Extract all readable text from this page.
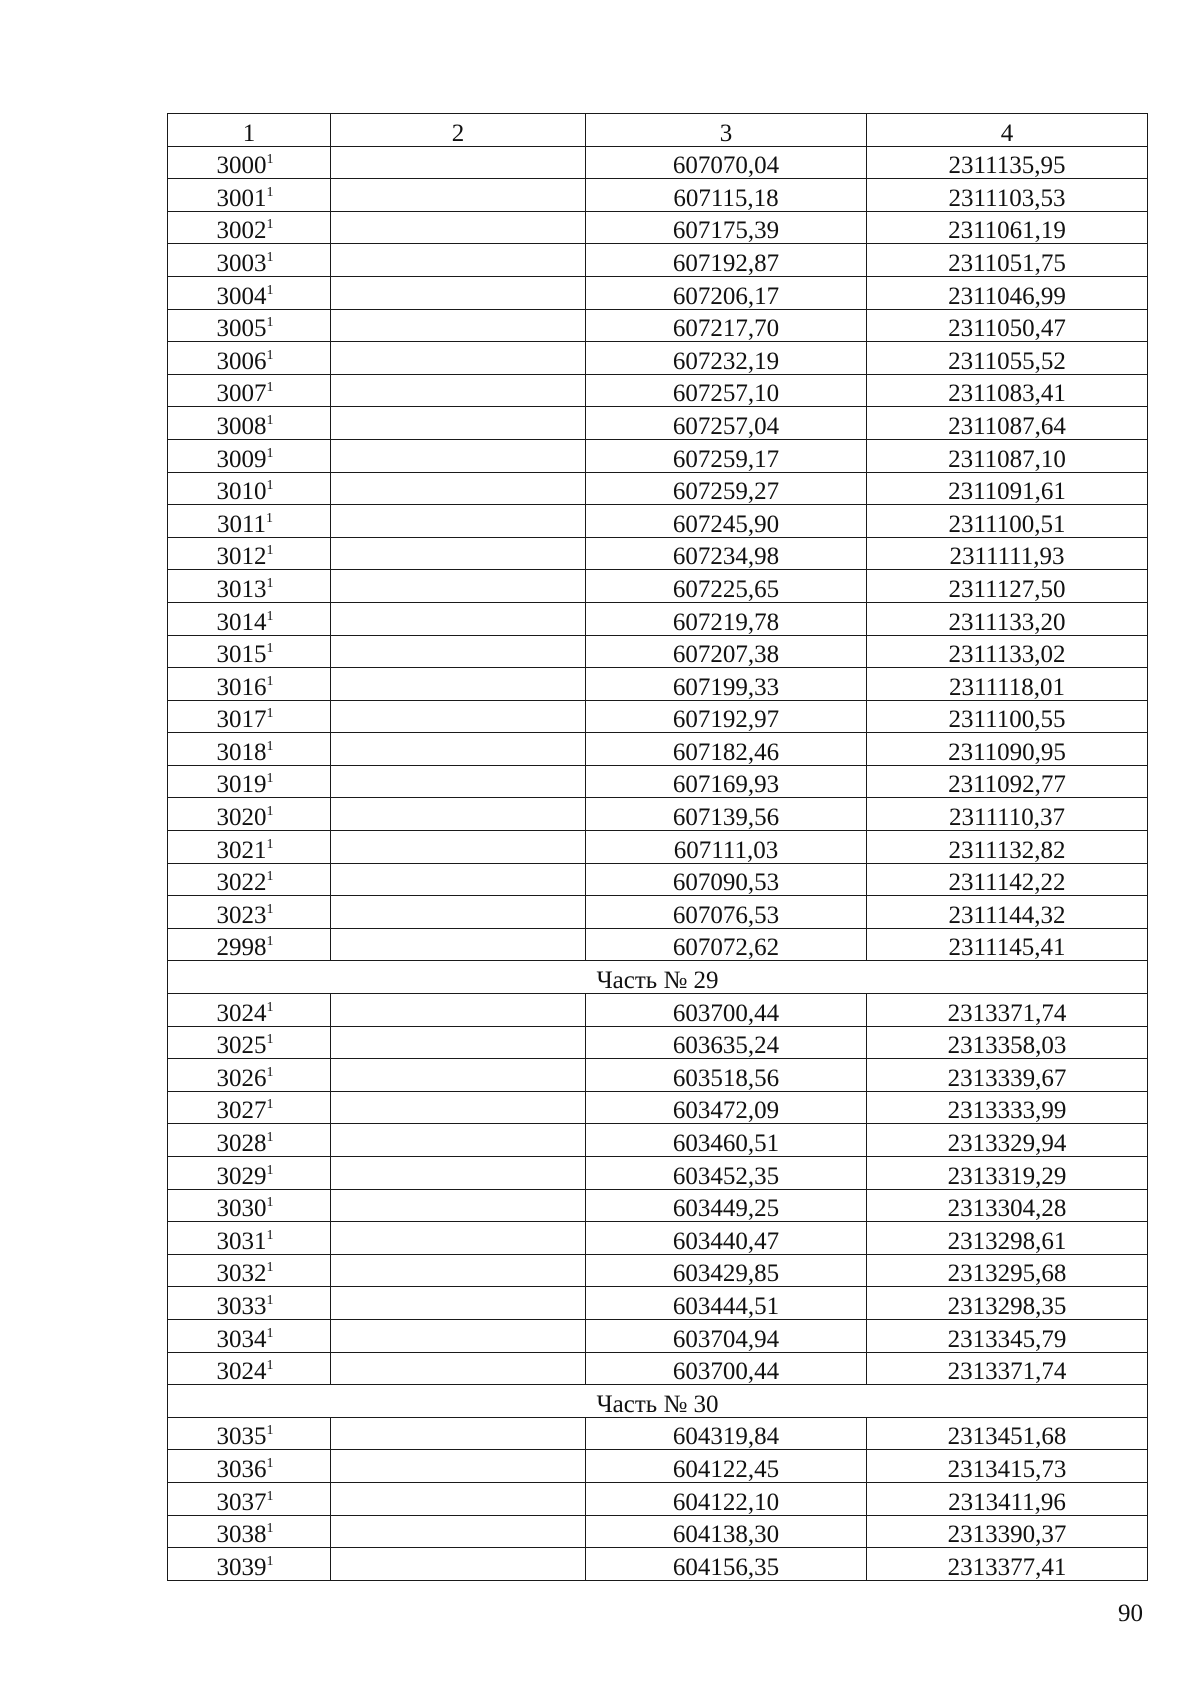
1	2	3	4
3000$^1$		607070,04	2311135,95
3001$^1$		607115,18	2311103,53
3002$^1$		607175,39	2311061,19
3003$^1$		607192,87	2311051,75
3004$^1$		607206,17	2311046,99
3005$^1$		607217,70	2311050,47
3006$^1$		607232,19	2311055,52
3007$^1$		607257,10	2311083,41
3008$^1$		607257,04	2311087,64
3009$^1$		607259,17	2311087,10
3010$^1$		607259,27	2311091,61
3011$^1$		607245,90	2311100,51
3012$^1$		607234,98	2311111,93
3013$^1$		607225,65	2311127,50
3014$^1$		607219,78	2311133,20
3015$^1$		607207,38	2311133,02
3016$^1$		607199,33	2311118,01
3017$^1$		607192,97	2311100,55
3018$^1$		607182,46	2311090,95
3019$^1$		607169,93	2311092,77
3020$^1$		607139,56	2311110,37
3021$^1$		607111,03	2311132,82
3022$^1$		607090,53	2311142,22
3023$^1$		607076,53	2311144,32
2998$^1$		607072,62	2311145,41
Часть № 29			
3024$^1$		603700,44	2313371,74
3025$^1$		603635,24	2313358,03
3026$^1$		603518,56	2313339,67
3027$^1$		603472,09	2313333,99
3028$^1$		603460,51	2313329,94
3029$^1$		603452,35	2313319,29
3030$^1$		603449,25	2313304,28
3031$^1$		603440,47	2313298,61
3032$^1$		603429,85	2313295,68
3033$^1$		603444,51	2313298,35
3034$^1$		603704,94	2313345,79
3024$^1$		603700,44	2313371,74
Часть № 30			
3035$^1$		604319,84	2313451,68
3036$^1$		604122,45	2313415,73
3037$^1$		604122,10	2313411,96
3038$^1$		604138,30	2313390,37
3039$^1$		604156,35	2313377,41
90
